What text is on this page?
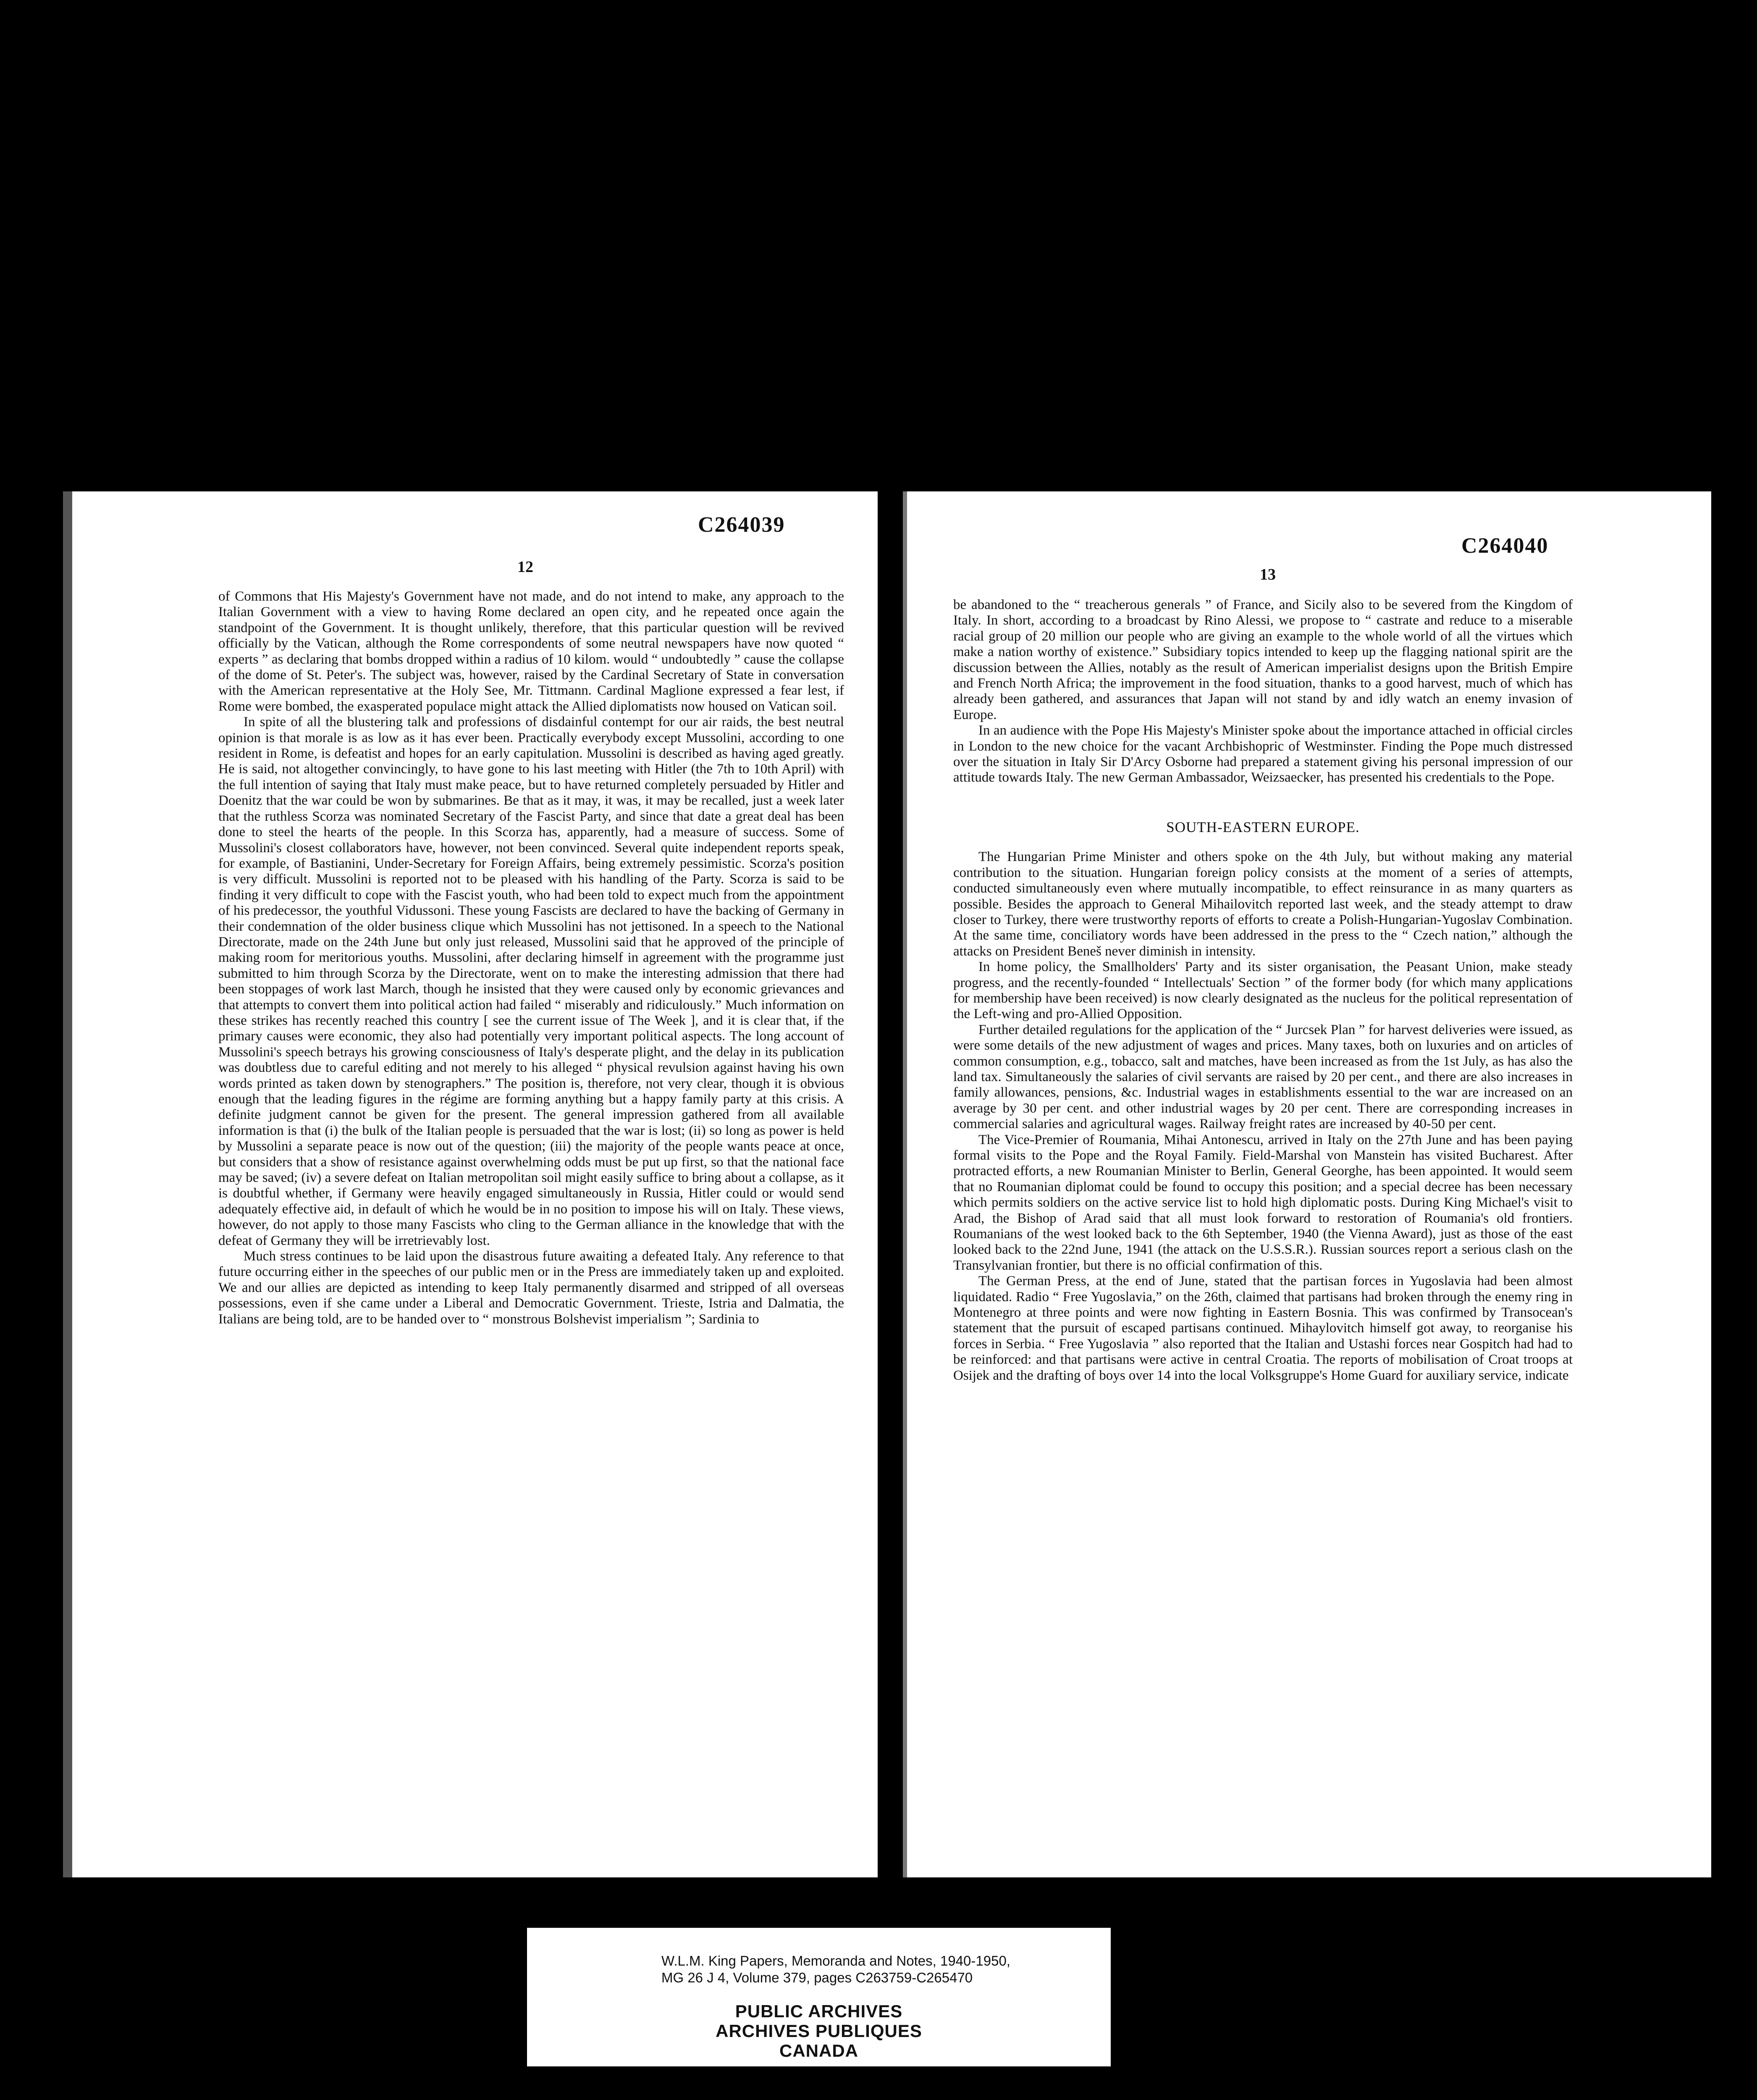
C264039
12

of Commons that His Majesty's Government have not made, and do not intend to make, any approach to the Italian Government with a view to having Rome declared an open city, and he repeated once again the standpoint of the Government. It is thought unlikely, therefore, that this particular question will be revived officially by the Vatican, although the Rome correspondents of some neutral newspapers have now quoted “ experts ” as declaring that bombs dropped within a radius of 10 kilom. would “ undoubtedly ” cause the collapse of the dome of St. Peter's. The subject was, however, raised by the Cardinal Secretary of State in conversation with the American representative at the Holy See, Mr. Tittmann. Cardinal Maglione expressed a fear lest, if Rome were bombed, the exasperated populace might attack the Allied diplomatists now housed on Vatican soil.

In spite of all the blustering talk and professions of disdainful contempt for our air raids, the best neutral opinion is that morale is as low as it has ever been. Practically everybody except Mussolini, according to one resident in Rome, is defeatist and hopes for an early capitulation. Mussolini is described as having aged greatly. He is said, not altogether convincingly, to have gone to his last meeting with Hitler (the 7th to 10th April) with the full intention of saying that Italy must make peace, but to have returned completely persuaded by Hitler and Doenitz that the war could be won by submarines. Be that as it may, it was, it may be recalled, just a week later that the ruthless Scorza was nominated Secretary of the Fascist Party, and since that date a great deal has been done to steel the hearts of the people. In this Scorza has, apparently, had a measure of success. Some of Mussolini's closest collaborators have, however, not been convinced. Several quite independent reports speak, for example, of Bastianini, Under-Secretary for Foreign Affairs, being extremely pessimistic. Scorza's position is very difficult. Mussolini is reported not to be pleased with his handling of the Party. Scorza is said to be finding it very difficult to cope with the Fascist youth, who had been told to expect much from the appointment of his predecessor, the youthful Vidussoni. These young Fascists are declared to have the backing of Germany in their condemnation of the older business clique which Mussolini has not jettisoned. In a speech to the National Directorate, made on the 24th June but only just released, Mussolini said that he approved of the principle of making room for meritorious youths. Mussolini, after declaring himself in agreement with the programme just submitted to him through Scorza by the Directorate, went on to make the interesting admission that there had been stoppages of work last March, though he insisted that they were caused only by economic grievances and that attempts to convert them into political action had failed “ miserably and ridiculously.” Much information on these strikes has recently reached this country [ see the current issue of The Week ], and it is clear that, if the primary causes were economic, they also had potentially very important political aspects. The long account of Mussolini's speech betrays his growing consciousness of Italy's desperate plight, and the delay in its publication was doubtless due to careful editing and not merely to his alleged “ physical revulsion against having his own words printed as taken down by stenographers.” The position is, therefore, not very clear, though it is obvious enough that the leading figures in the régime are forming anything but a happy family party at this crisis. A definite judgment cannot be given for the present. The general impression gathered from all available information is that (i) the bulk of the Italian people is persuaded that the war is lost; (ii) so long as power is held by Mussolini a separate peace is now out of the question; (iii) the majority of the people wants peace at once, but considers that a show of resistance against overwhelming odds must be put up first, so that the national face may be saved; (iv) a severe defeat on Italian metropolitan soil might easily suffice to bring about a collapse, as it is doubtful whether, if Germany were heavily engaged simultaneously in Russia, Hitler could or would send adequately effective aid, in default of which he would be in no position to impose his will on Italy. These views, however, do not apply to those many Fascists who cling to the German alliance in the knowledge that with the defeat of Germany they will be irretrievably lost.

Much stress continues to be laid upon the disastrous future awaiting a defeated Italy. Any reference to that future occurring either in the speeches of our public men or in the Press are immediately taken up and exploited. We and our allies are depicted as intending to keep Italy permanently disarmed and stripped of all overseas possessions, even if she came under a Liberal and Democratic Government. Trieste, Istria and Dalmatia, the Italians are being told, are to be handed over to “ monstrous Bolshevist imperialism ”; Sardinia to

C264040
13

be abandoned to the “ treacherous generals ” of France, and Sicily also to be severed from the Kingdom of Italy. In short, according to a broadcast by Rino Alessi, we propose to “ castrate and reduce to a miserable racial group of 20 million our people who are giving an example to the whole world of all the virtues which make a nation worthy of existence.” Subsidiary topics intended to keep up the flagging national spirit are the discussion between the Allies, notably as the result of American imperialist designs upon the British Empire and French North Africa; the improvement in the food situation, thanks to a good harvest, much of which has already been gathered, and assurances that Japan will not stand by and idly watch an enemy invasion of Europe.

In an audience with the Pope His Majesty's Minister spoke about the importance attached in official circles in London to the new choice for the vacant Archbishopric of Westminster. Finding the Pope much distressed over the situation in Italy Sir D'Arcy Osborne had prepared a statement giving his personal impression of our attitude towards Italy. The new German Ambassador, Weizsaecker, has presented his credentials to the Pope.

SOUTH-EASTERN EUROPE.

The Hungarian Prime Minister and others spoke on the 4th July, but without making any material contribution to the situation. Hungarian foreign policy consists at the moment of a series of attempts, conducted simultaneously even where mutually incompatible, to effect reinsurance in as many quarters as possible. Besides the approach to General Mihailovitch reported last week, and the steady attempt to draw closer to Turkey, there were trustworthy reports of efforts to create a Polish-Hungarian-Yugoslav Combination. At the same time, conciliatory words have been addressed in the press to the “ Czech nation,” although the attacks on President Beneš never diminish in intensity.

In home policy, the Smallholders' Party and its sister organisation, the Peasant Union, make steady progress, and the recently-founded “ Intellectuals' Section ” of the former body (for which many applications for membership have been received) is now clearly designated as the nucleus for the political representation of the Left-wing and pro-Allied Opposition.

Further detailed regulations for the application of the “ Jurcsek Plan ” for harvest deliveries were issued, as were some details of the new adjustment of wages and prices. Many taxes, both on luxuries and on articles of common consumption, e.g., tobacco, salt and matches, have been increased as from the 1st July, as has also the land tax. Simultaneously the salaries of civil servants are raised by 20 per cent., and there are also increases in family allowances, pensions, &c. Industrial wages in establishments essential to the war are increased on an average by 30 per cent. and other industrial wages by 20 per cent. There are corresponding increases in commercial salaries and agricultural wages. Railway freight rates are increased by 40-50 per cent.

The Vice-Premier of Roumania, Mihai Antonescu, arrived in Italy on the 27th June and has been paying formal visits to the Pope and the Royal Family. Field-Marshal von Manstein has visited Bucharest. After protracted efforts, a new Roumanian Minister to Berlin, General Georghe, has been appointed. It would seem that no Roumanian diplomat could be found to occupy this position; and a special decree has been necessary which permits soldiers on the active service list to hold high diplomatic posts. During King Michael's visit to Arad, the Bishop of Arad said that all must look forward to restoration of Roumania's old frontiers. Roumanians of the west looked back to the 6th September, 1940 (the Vienna Award), just as those of the east looked back to the 22nd June, 1941 (the attack on the U.S.S.R.). Russian sources report a serious clash on the Transylvanian frontier, but there is no official confirmation of this.

The German Press, at the end of June, stated that the partisan forces in Yugoslavia had been almost liquidated. Radio “ Free Yugoslavia,” on the 26th, claimed that partisans had broken through the enemy ring in Montenegro at three points and were now fighting in Eastern Bosnia. This was confirmed by Transocean's statement that the pursuit of escaped partisans continued. Mihaylovitch himself got away, to reorganise his forces in Serbia. “ Free Yugoslavia ” also reported that the Italian and Ustashi forces near Gospitch had had to be reinforced: and that partisans were active in central Croatia. The reports of mobilisation of Croat troops at Osijek and the drafting of boys over 14 into the local Volksgruppe's Home Guard for auxiliary service, indicate

W.L.M. King Papers, Memoranda and Notes, 1940-1950,
MG 26 J 4, Volume 379, pages C263759-C265470
PUBLIC ARCHIVES
ARCHIVES PUBLIQUES
CANADA
